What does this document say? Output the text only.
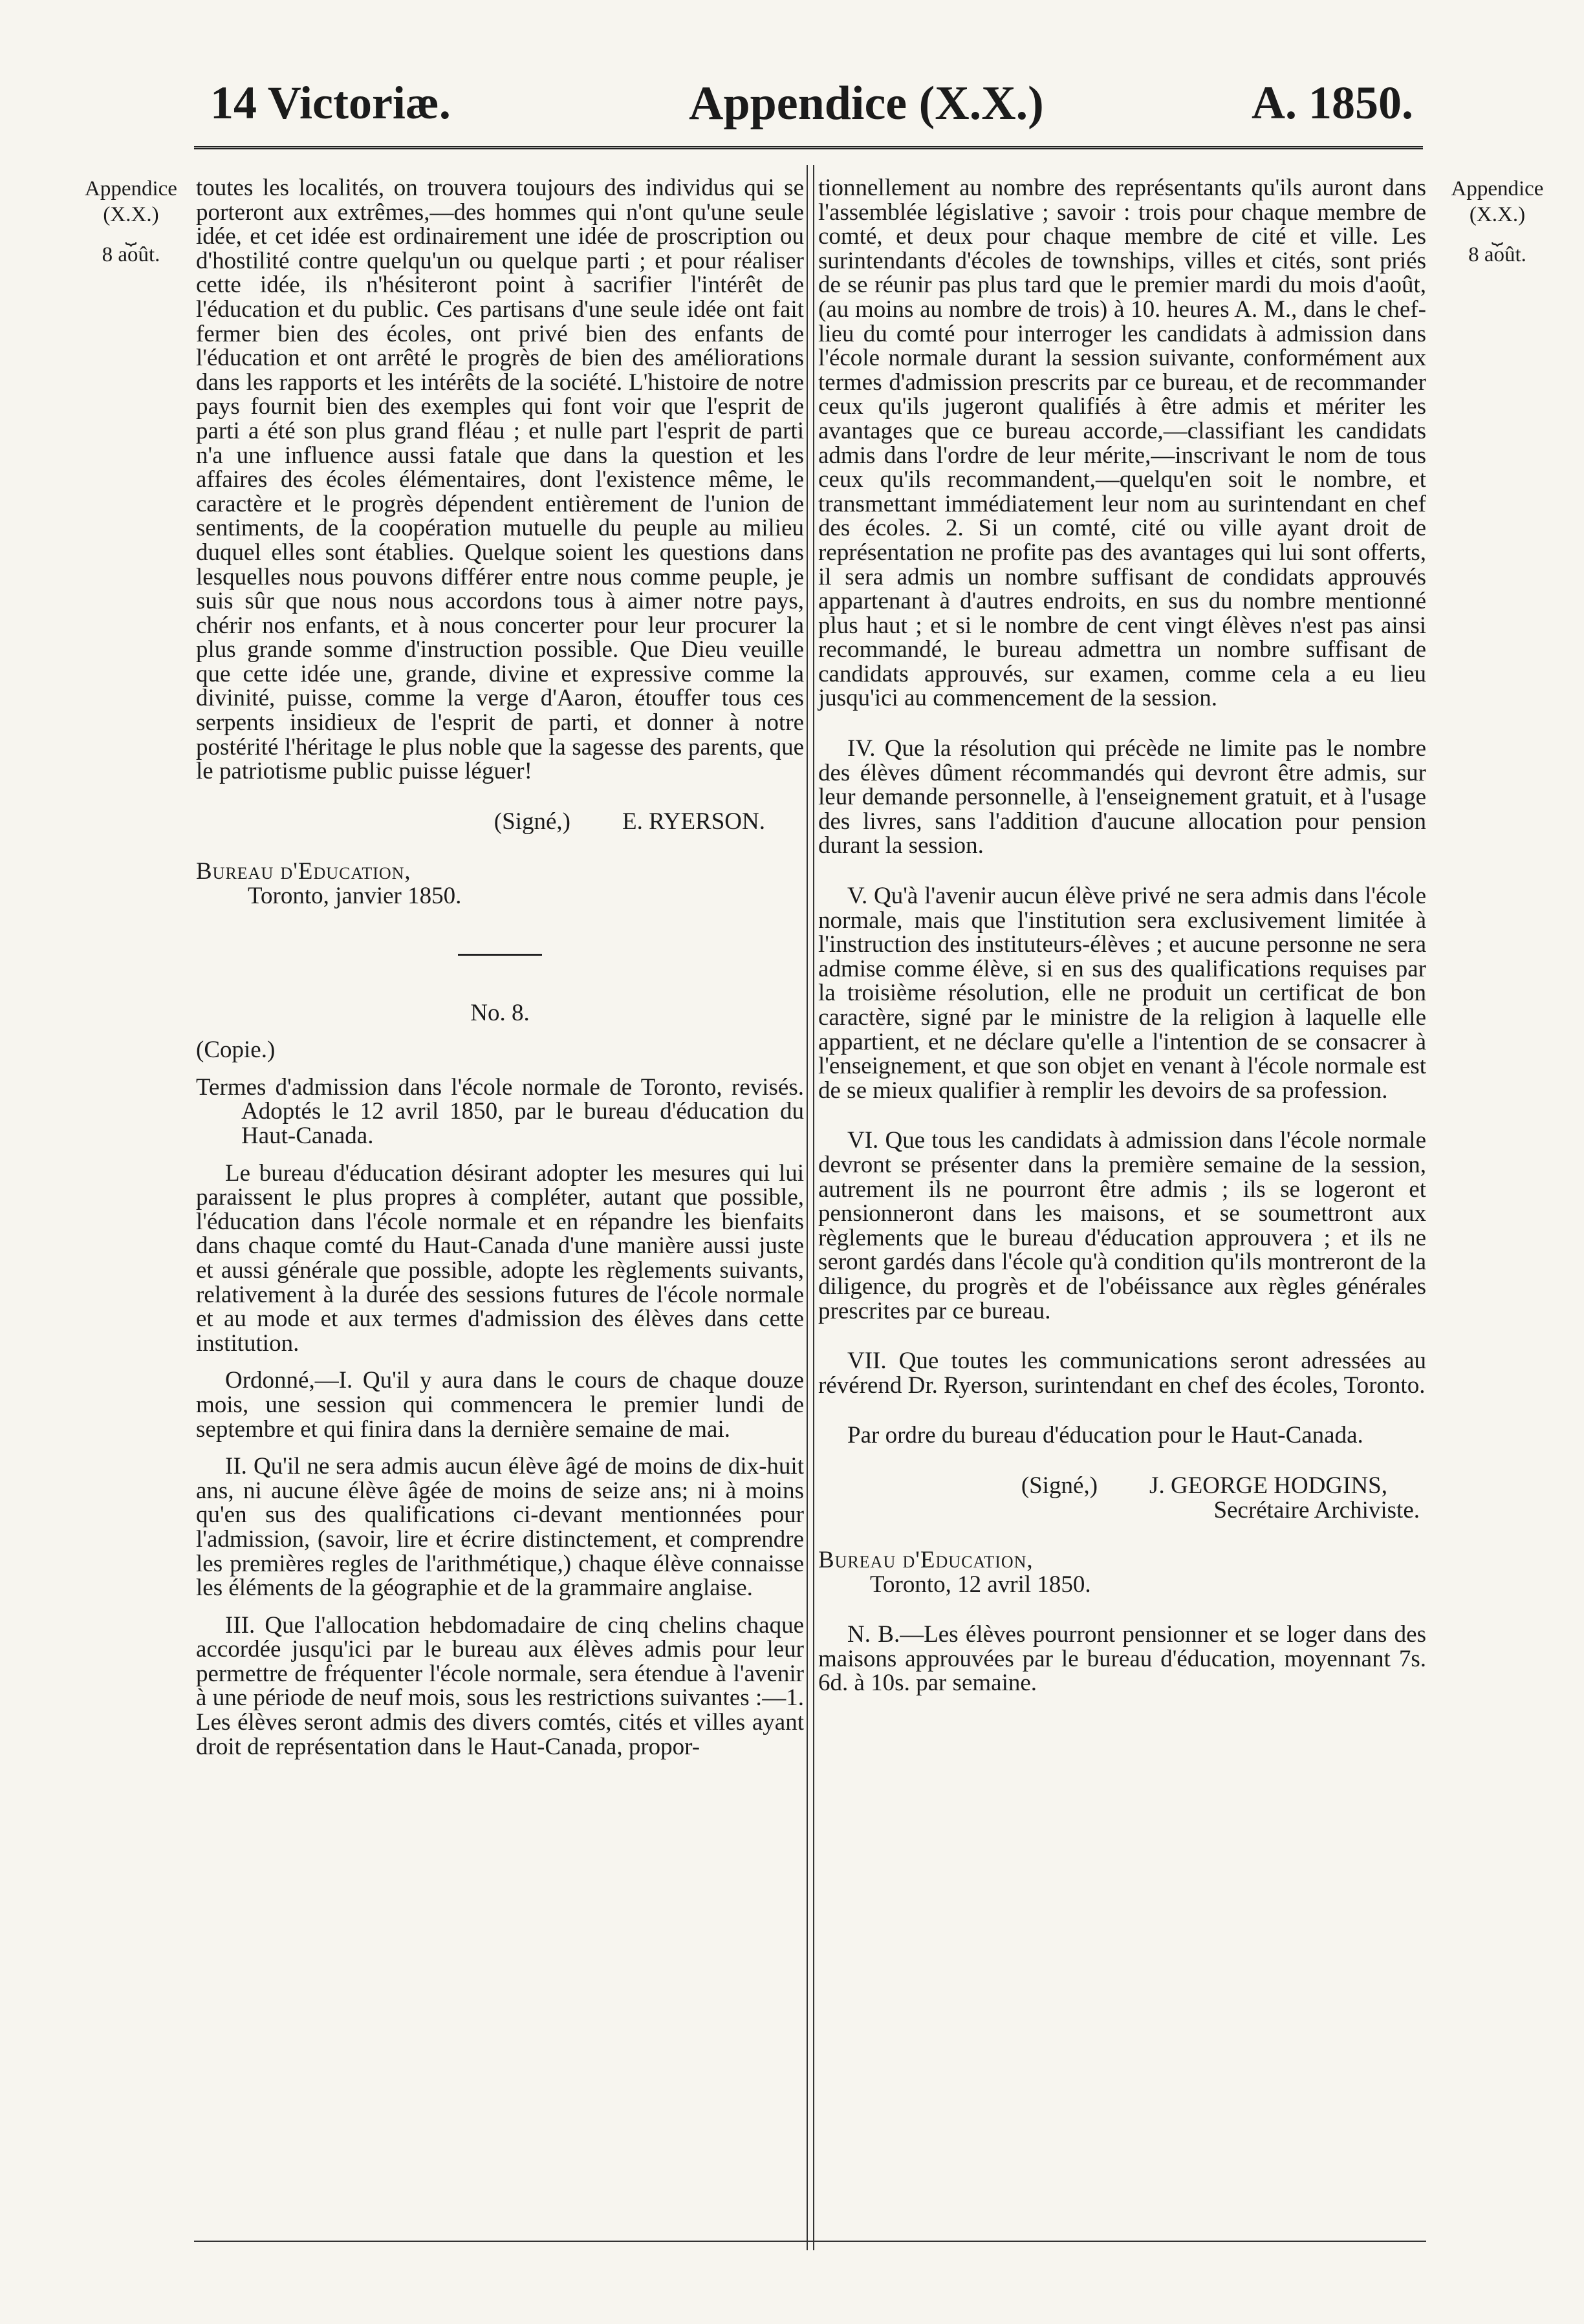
14 Victoriæ.	Appendice (X.X.)	A. 1850.
Appendice
(X.X.)
⏟
8 août.
Appendice
(X.X.)
⏟
8 août.

toutes les localités, on trouvera toujours des individus qui se porteront aux extrêmes,—des hommes qui n'ont qu'une seule idée, et cet idée est ordinairement une idée de proscription ou d'hostilité contre quelqu'un ou quelque parti ; et pour réaliser cette idée, ils n'hésiteront point à sacrifier l'intérêt de l'éducation et du public. Ces partisans d'une seule idée ont fait fermer bien des écoles, ont privé bien des enfants de l'éducation et ont arrêté le progrès de bien des améliorations dans les rapports et les intérêts de la société. L'histoire de notre pays fournit bien des exemples qui font voir que l'esprit de parti a été son plus grand fléau ; et nulle part l'esprit de parti n'a une influence aussi fatale que dans la question et les affaires des écoles élémentaires, dont l'existence même, le caractère et le progrès dépendent entièrement de l'union de sentiments, de la coopération mutuelle du peuple au milieu duquel elles sont établies. Quelque soient les questions dans lesquelles nous pouvons différer entre nous comme peuple, je suis sûr que nous nous accordons tous à aimer notre pays, chérir nos enfants, et à nous concerter pour leur procurer la plus grande somme d'instruction possible. Que Dieu veuille que cette idée une, grande, divine et expressive comme la divinité, puisse, comme la verge d'Aaron, étouffer tous ces serpents insidieux de l'esprit de parti, et donner à notre postérité l'héritage le plus noble que la sagesse des parents, que le patriotisme public puisse léguer!

(Signé,) E. RYERSON.

Bureau d'Education,

Toronto, janvier 1850.

No. 8.

(Copie.)

Termes d'admission dans l'école normale de Toronto, revisés. Adoptés le 12 avril 1850, par le bureau d'éducation du Haut-Canada.

Le bureau d'éducation désirant adopter les mesures qui lui paraissent le plus propres à compléter, autant que possible, l'éducation dans l'école normale et en répandre les bienfaits dans chaque comté du Haut-Canada d'une manière aussi juste et aussi générale que possible, adopte les règlements suivants, relativement à la durée des sessions futures de l'école normale et au mode et aux termes d'admission des élèves dans cette institution.

Ordonné,—I. Qu'il y aura dans le cours de chaque douze mois, une session qui commencera le premier lundi de septembre et qui finira dans la dernière semaine de mai.

II. Qu'il ne sera admis aucun élève âgé de moins de dix-huit ans, ni aucune élève âgée de moins de seize ans; ni à moins qu'en sus des qualifications ci-devant mentionnées pour l'admission, (savoir, lire et écrire distinctement, et comprendre les premières regles de l'arithmétique,) chaque élève connaisse les éléments de la géographie et de la grammaire anglaise.

III. Que l'allocation hebdomadaire de cinq chelins chaque accordée jusqu'ici par le bureau aux élèves admis pour leur permettre de fréquenter l'école normale, sera étendue à l'avenir à une période de neuf mois, sous les restrictions suivantes :—1. Les élèves seront admis des divers comtés, cités et villes ayant droit de représentation dans le Haut-Canada, propor-

tionnellement au nombre des représentants qu'ils auront dans l'assemblée législative ; savoir : trois pour chaque membre de comté, et deux pour chaque membre de cité et ville. Les surintendants d'écoles de townships, villes et cités, sont priés de se réunir pas plus tard que le premier mardi du mois d'août, (au moins au nombre de trois) à 10. heures A. M., dans le chef-lieu du comté pour interroger les candidats à admission dans l'école normale durant la session suivante, conformément aux termes d'admission prescrits par ce bureau, et de recommander ceux qu'ils jugeront qualifiés à être admis et mériter les avantages que ce bureau accorde,—classifiant les candidats admis dans l'ordre de leur mérite,—inscrivant le nom de tous ceux qu'ils recommandent,—quelqu'en soit le nombre, et transmettant immédiatement leur nom au surintendant en chef des écoles. 2. Si un comté, cité ou ville ayant droit de représentation ne profite pas des avantages qui lui sont offerts, il sera admis un nombre suffisant de condidats approuvés appartenant à d'autres endroits, en sus du nombre mentionné plus haut ; et si le nombre de cent vingt élèves n'est pas ainsi recommandé, le bureau admettra un nombre suffisant de candidats approuvés, sur examen, comme cela a eu lieu jusqu'ici au commencement de la session.

IV. Que la résolution qui précède ne limite pas le nombre des élèves dûment récommandés qui devront être admis, sur leur demande personnelle, à l'enseignement gratuit, et à l'usage des livres, sans l'addition d'aucune allocation pour pension durant la session.

V. Qu'à l'avenir aucun élève privé ne sera admis dans l'école normale, mais que l'institution sera exclusivement limitée à l'instruction des instituteurs-élèves ; et aucune personne ne sera admise comme élève, si en sus des qualifications requises par la troisième résolution, elle ne produit un certificat de bon caractère, signé par le ministre de la religion à laquelle elle appartient, et ne déclare qu'elle a l'intention de se consacrer à l'enseignement, et que son objet en venant à l'école normale est de se mieux qualifier à remplir les devoirs de sa profession.

VI. Que tous les candidats à admission dans l'école normale devront se présenter dans la première semaine de la session, autrement ils ne pourront être admis ; ils se logeront et pensionneront dans les maisons, et se soumettront aux règlements que le bureau d'éducation approuvera ; et ils ne seront gardés dans l'école qu'à condition qu'ils montreront de la diligence, du progrès et de l'obéissance aux règles générales prescrites par ce bureau.

VII. Que toutes les communications seront adressées au révérend Dr. Ryerson, surintendant en chef des écoles, Toronto.

Par ordre du bureau d'éducation pour le Haut-Canada.

(Signé,) J. GEORGE HODGINS,

Secrétaire Archiviste.

Bureau d'Education,

Toronto, 12 avril 1850.

N. B.—Les élèves pourront pensionner et se loger dans des maisons approuvées par le bureau d'éducation, moyennant 7s. 6d. à 10s. par semaine.
